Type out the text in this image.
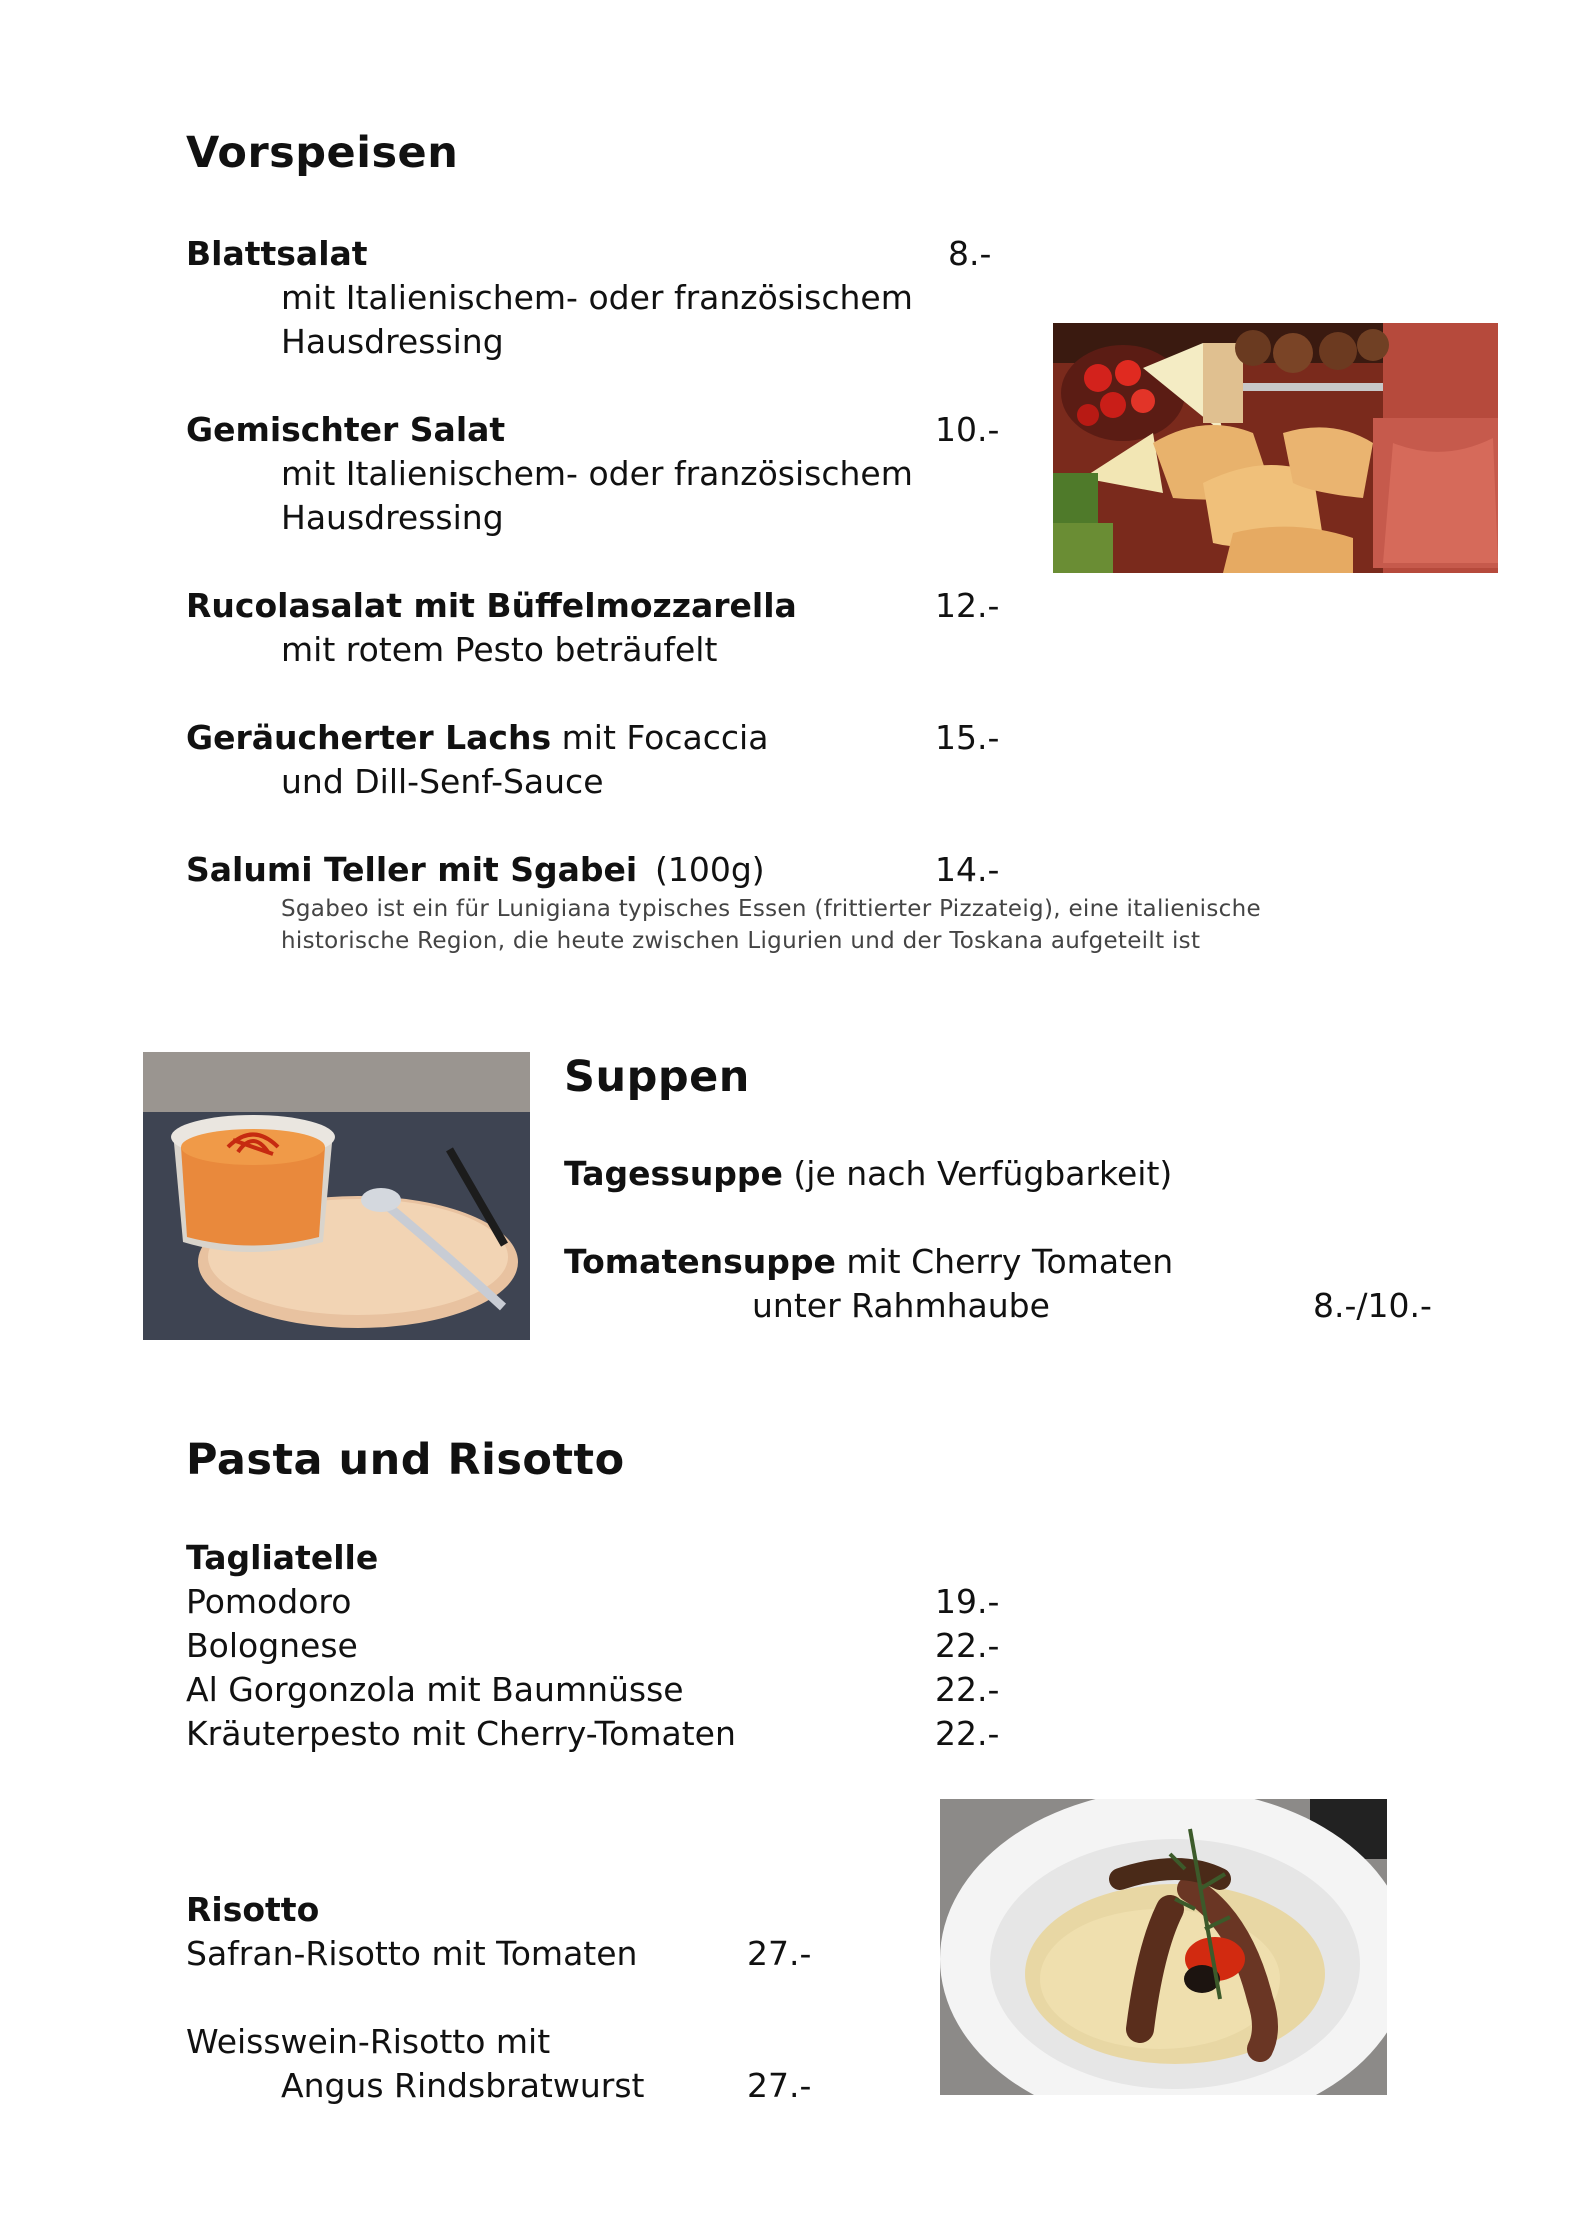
Vorspeisen
Blattsalat	8.-
mit Italienischem- oder französischem
Hausdressing
Gemischter Salat	10.-
mit Italienischem- oder französischem
Hausdressing
Rucolasalat mit Büffelmozzarella	12.-
mit rotem Pesto beträufelt
Geräucherter Lachs mit Focaccia	15.-
und Dill-Senf-Sauce
Salumi Teller mit Sgabei (100g)	14.-
Sgabeo ist ein für Lunigiana typisches Essen (frittierter Pizzateig), eine italienische
historische Region, die heute zwischen Ligurien und der Toskana aufgeteilt ist
Suppen
Tagessuppe (je nach Verfügbarkeit)
Tomatensuppe mit Cherry Tomaten
unter Rahmhaube	8.-/10.-
Pasta und Risotto
Tagliatelle
Pomodoro	19.-
Bolognese	22.-
Al Gorgonzola mit Baumnüsse	22.-
Kräuterpesto mit Cherry-Tomaten	22.-
Risotto
Safran-Risotto mit Tomaten	27.-
Weisswein-Risotto mit
Angus Rindsbratwurst	27.-
